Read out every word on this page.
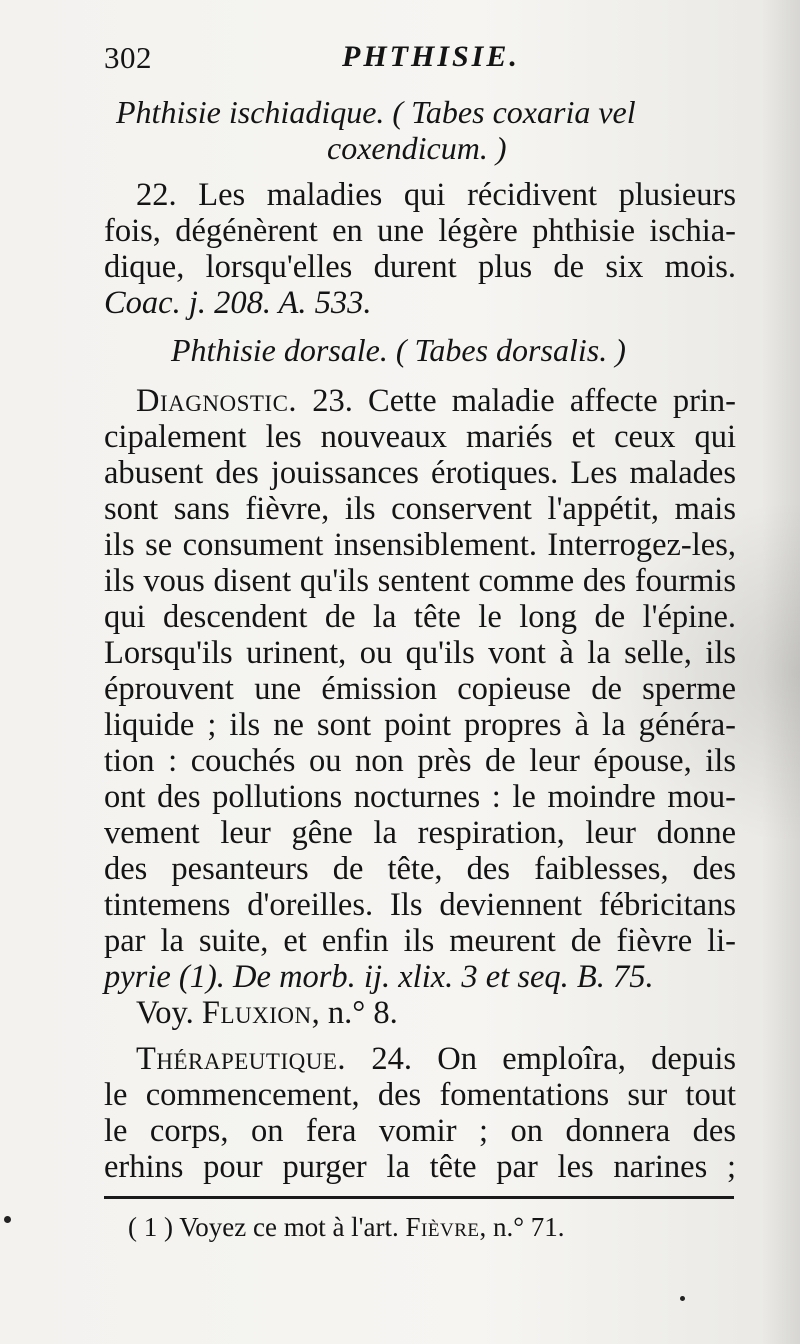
302	PHTHISIE.
Phthisie ischiadique. ( Tabes coxaria vel
coxendicum. )
22. Les maladies qui récidivent plusieurs
fois, dégénèrent en une légère phthisie ischia-
dique, lorsqu'elles durent plus de six mois.
Coac. j. 208. A. 533.
Phthisie dorsale. ( Tabes dorsalis. )
Diagnostic. 23. Cette maladie affecte prin-
cipalement les nouveaux mariés et ceux qui
abusent des jouissances érotiques. Les malades
sont sans fièvre, ils conservent l'appétit, mais
ils se consument insensiblement. Interrogez-les,
ils vous disent qu'ils sentent comme des fourmis
qui descendent de la tête le long de l'épine.
Lorsqu'ils urinent, ou qu'ils vont à la selle, ils
éprouvent une émission copieuse de sperme
liquide ; ils ne sont point propres à la généra-
tion : couchés ou non près de leur épouse, ils
ont des pollutions nocturnes : le moindre mou-
vement leur gêne la respiration, leur donne
des pesanteurs de tête, des faiblesses, des
tintemens d'oreilles. Ils deviennent fébricitans
par la suite, et enfin ils meurent de fièvre li-
pyrie (1). De morb. ij. xlix. 3 et seq. B. 75.
Voy. Fluxion, n.° 8.
Thérapeutique. 24. On emploîra, depuis
le commencement, des fomentations sur tout
le corps, on fera vomir ; on donnera des
erhins pour purger la tête par les narines ;
( 1 ) Voyez ce mot à l'art. Fièvre, n.° 71.
